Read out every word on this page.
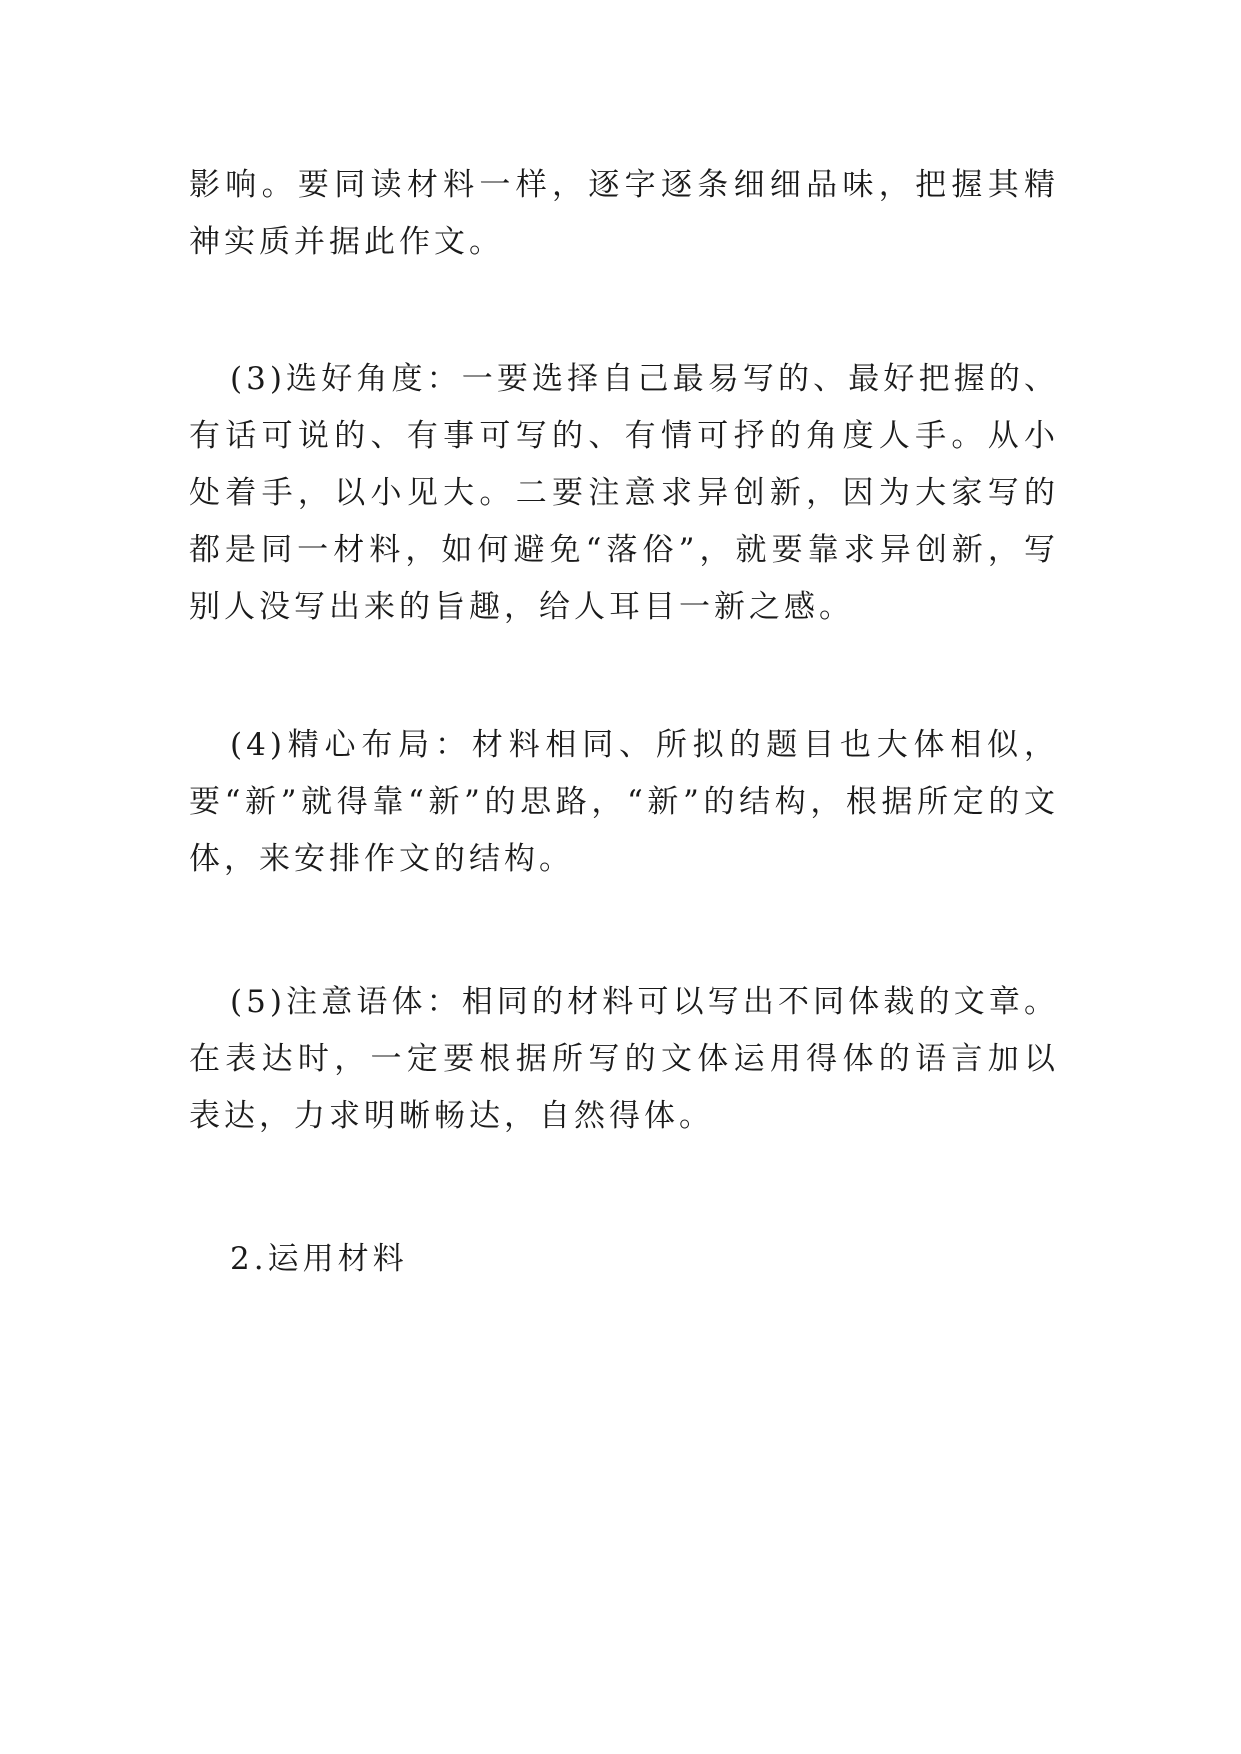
影响。要同读材料一样，逐字逐条细细品味，把握其精神实质并据此作文。

(3)选好角度：一要选择自己最易写的、最好把握的、有话可说的、有事可写的、有情可抒的角度人手。从小处着手，以小见大。二要注意求异创新，因为大家写的都是同一材料，如何避免“落俗”，就要靠求异创新，写别人没写出来的旨趣，给人耳目一新之感。

(4)精心布局：材料相同、所拟的题目也大体相似，要“新”就得靠“新”的思路，“新”的结构，根据所定的文体，来安排作文的结构。

(5)注意语体：相同的材料可以写出不同体裁的文章。在表达时，一定要根据所写的文体运用得体的语言加以表达，力求明晰畅达，自然得体。

2.运用材料
